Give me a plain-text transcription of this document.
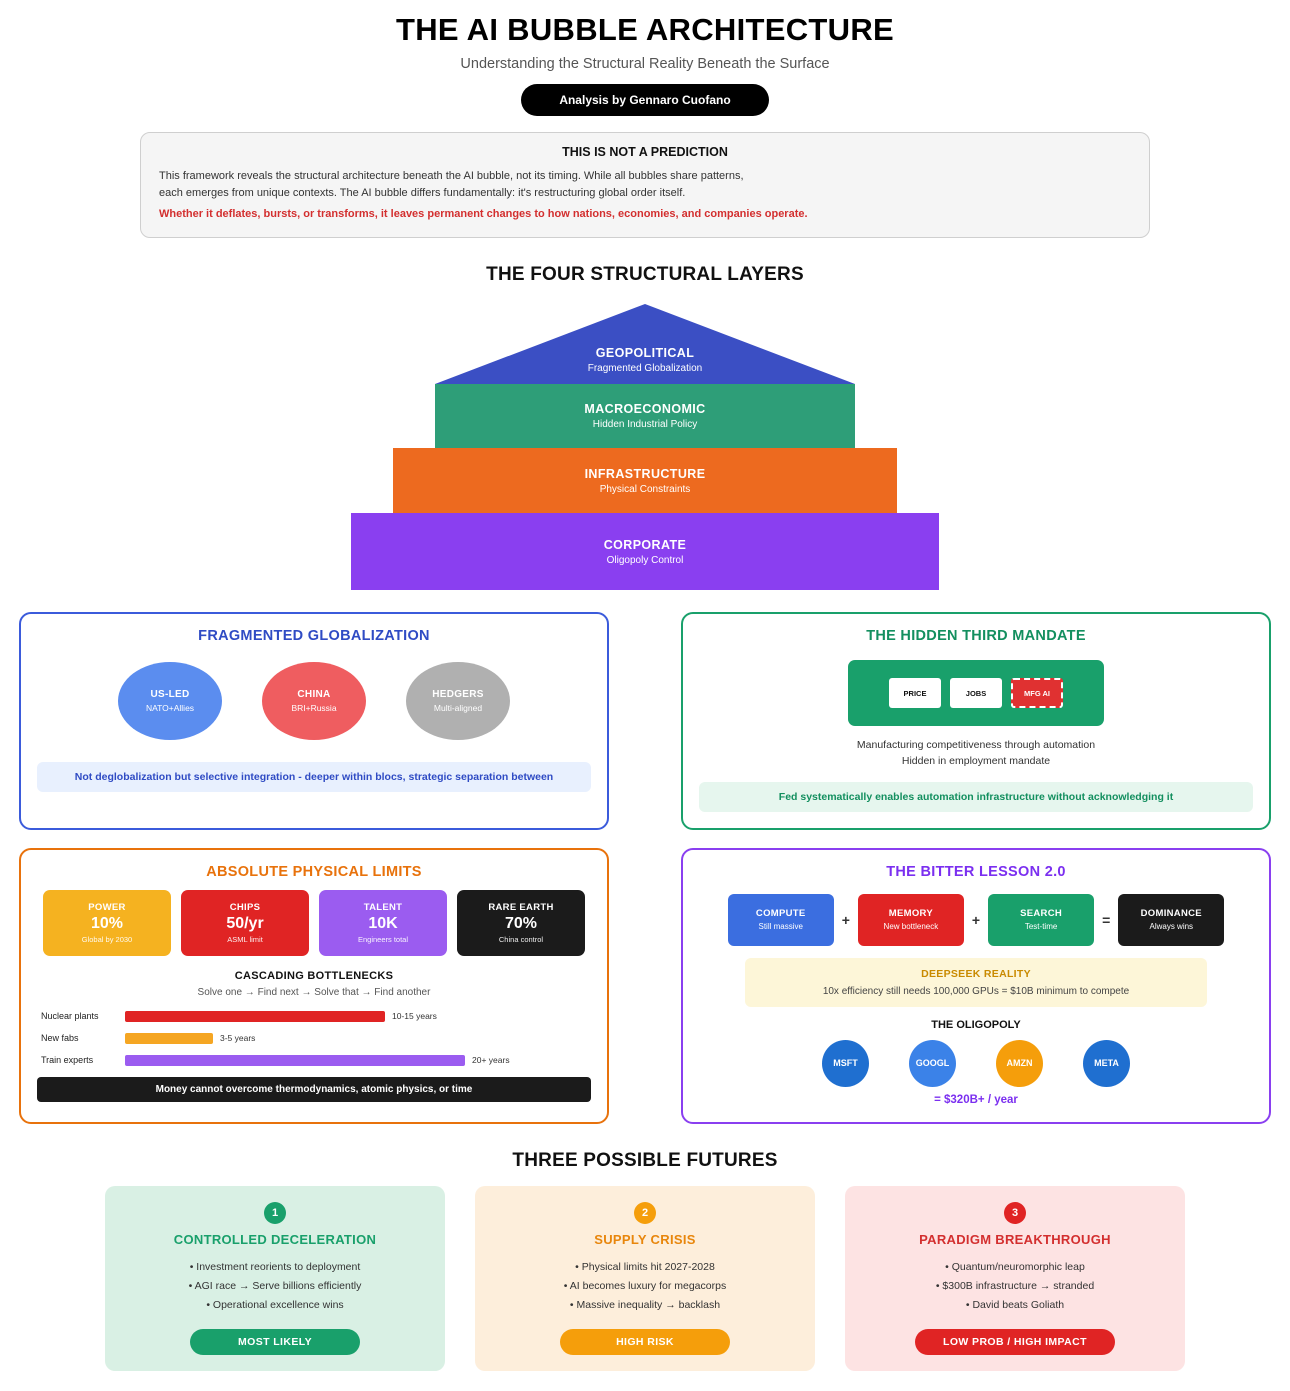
THE AI BUBBLE ARCHITECTURE
Understanding the Structural Reality Beneath the Surface
Analysis by Gennaro Cuofano
THIS IS NOT A PREDICTION

This framework reveals the structural architecture beneath the AI bubble, not its timing. While all bubbles share patterns,

each emerges from unique contexts. The AI bubble differs fundamentally: it's restructuring global order itself.

Whether it deflates, bursts, or transforms, it leaves permanent changes to how nations, economies, and companies operate.

THE FOUR STRUCTURAL LAYERS
GEOPOLITICAL
Fragmented Globalization
MACROECONOMIC
Hidden Industrial Policy
INFRASTRUCTURE
Physical Constraints
CORPORATE
Oligopoly Control
FRAGMENTED GLOBALIZATION
US-LED
NATO+Allies
CHINA
BRI+Russia
HEDGERS
Multi-aligned
Not deglobalization but selective integration - deeper within blocs, strategic separation between
THE HIDDEN THIRD MANDATE
PRICE	JOBS	MFG AI
Manufacturing competitiveness through automation
Hidden in employment mandate
Fed systematically enables automation infrastructure without acknowledging it
ABSOLUTE PHYSICAL LIMITS
POWER
10%
Global by 2030
CHIPS
50/yr
ASML limit
TALENT
10K
Engineers total
RARE EARTH
70%
China control
CASCADING BOTTLENECKS
Solve one → Find next → Solve that → Find another
Nuclear plants	10-15 years
New fabs	3-5 years
Train experts	20+ years
Money cannot overcome thermodynamics, atomic physics, or time
THE BITTER LESSON 2.0
COMPUTE
Still massive	+	MEMORY
New bottleneck +	SEARCH
Test-time	=	DOMINANCE
Always wins
DEEPSEEK REALITY
10x efficiency still needs 100,000 GPUs = $10B minimum to compete
THE OLIGOPOLY
MSFT	GOOGL	AMZN	META
= $320B+ / year
THREE POSSIBLE FUTURES
1
CONTROLLED DECELERATION
• Investment reorients to deployment
• AGI race → Serve billions efficiently
• Operational excellence wins
MOST LIKELY
2
SUPPLY CRISIS
• Physical limits hit 2027-2028
• AI becomes luxury for megacorps
• Massive inequality → backlash
HIGH RISK
3
PARADIGM BREAKTHROUGH
• Quantum/neuromorphic leap
• $300B infrastructure → stranded
• David beats Goliath
LOW PROB / HIGH IMPACT
